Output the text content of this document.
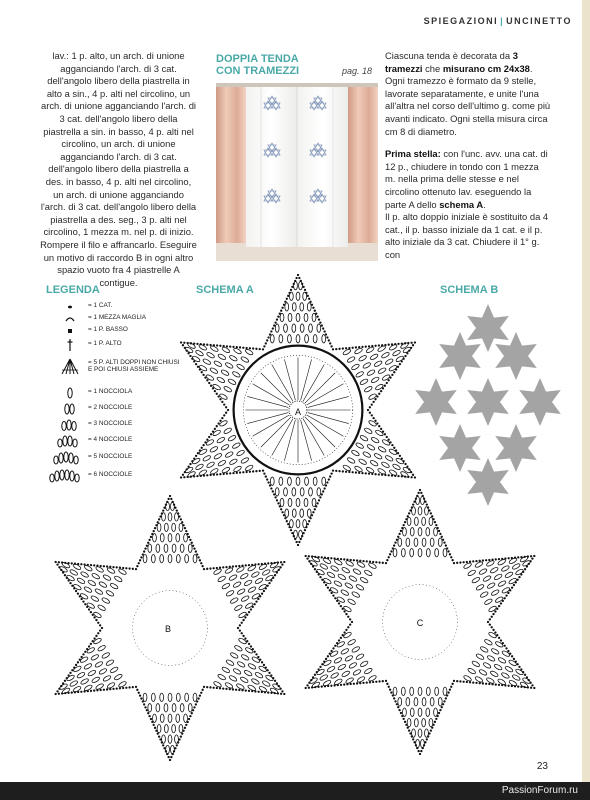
SPIEGAZIONI | UNCINETTO
lav.: 1 p. alto, un arch. di unione agganciando l'arch. di 3 cat. dell'angolo libero della piastrella in alto a sin., 4 p. alti nel circolino, un arch. di unione agganciando l'arch. di 3 cat. dell'angolo libero della piastrella a sin. in basso, 4 p. alti nel circolino, un arch. di unione agganciando l'arch. di 3 cat. dell'angolo libero della piastrella a des. in basso, 4 p. alti nel circolino, un arch. di unione agganciando l'arch. di 3 cat. dell'angolo libero della piastrella a des. seg., 3 p. alti nel circolino, 1 mezza m. nel p. di inizio. Rompere il filo e affrancarlo. Eseguire un motivo di raccordo B in ogni altro spazio vuoto fra 4 piastrelle A contigue.
DOPPIA TENDA
CON TRAMEZZI	pag. 18

Ciascuna tenda è decorata da 3 tramezzi che misurano cm 24x38. Ogni tramezzo è formato da 9 stelle, lavorate separatamente, e unite l'una all'altra nel corso dell'ultimo g. come più avanti indicato. Ogni stella misura circa cm 8 di diametro.

Prima stella: con l'unc. avv. una cat. di 12 p., chiudere in tondo con 1 mezza m. nella prima delle stesse e nel circolino ottenuto lav. eseguendo la parte A dello schema A.

Il p. alto doppio iniziale è sostituito da 4 cat., il p. basso iniziale da 1 cat. e il p. alto iniziale da 3 cat. Chiudere il 1° g. con

LEGENDA	SCHEMA A	SCHEMA B
= 1 CAT.
= 1 MEZZA MAGLIA
= 1 P. BASSO
= 1 P. ALTO
= 5 P. ALTI DOPPI NON CHIUSI E POI CHIUSI ASSIEME
= 1 NOCCIOLA
= 2 NOCCIOLE
= 3 NOCCIOLE
= 4 NOCCIOLE
= 5 NOCCIOLE
= 6 NOCCIOLE
A
B
C
23
PassionForum.ru
